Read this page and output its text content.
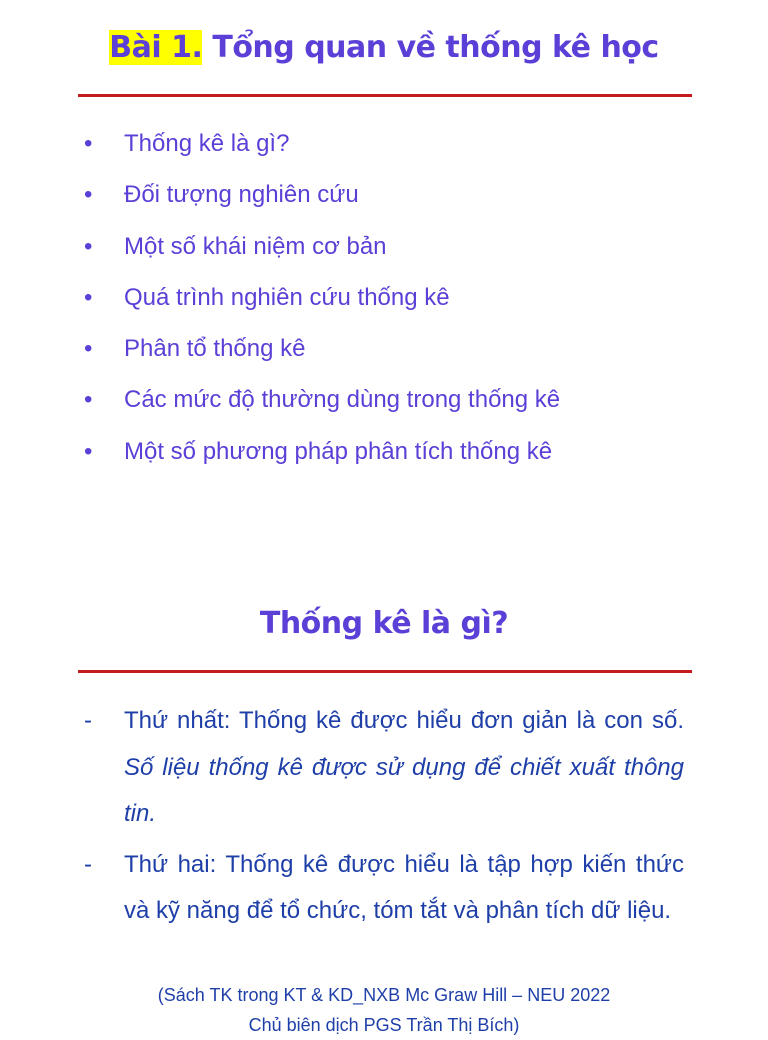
Bài 1. Tổng quan về thống kê học
• Thống kê là gì?
• Đối tượng nghiên cứu
• Một số khái niệm cơ bản
• Quá trình nghiên cứu thống kê
• Phân tổ thống kê
• Các mức độ thường dùng trong thống kê
• Một số phương pháp phân tích thống kê
Thống kê là gì?
- Thứ nhất: Thống kê được hiểu đơn giản là con số. Số liệu thống kê được sử dụng để chiết xuất thông tin.
- Thứ hai: Thống kê được hiểu là tập hợp kiến thức và kỹ năng để tổ chức, tóm tắt và phân tích dữ liệu.
(Sách TK trong KT & KD_NXB Mc Graw Hill – NEU 2022
Chủ biên dịch PGS Trần Thị Bích)
